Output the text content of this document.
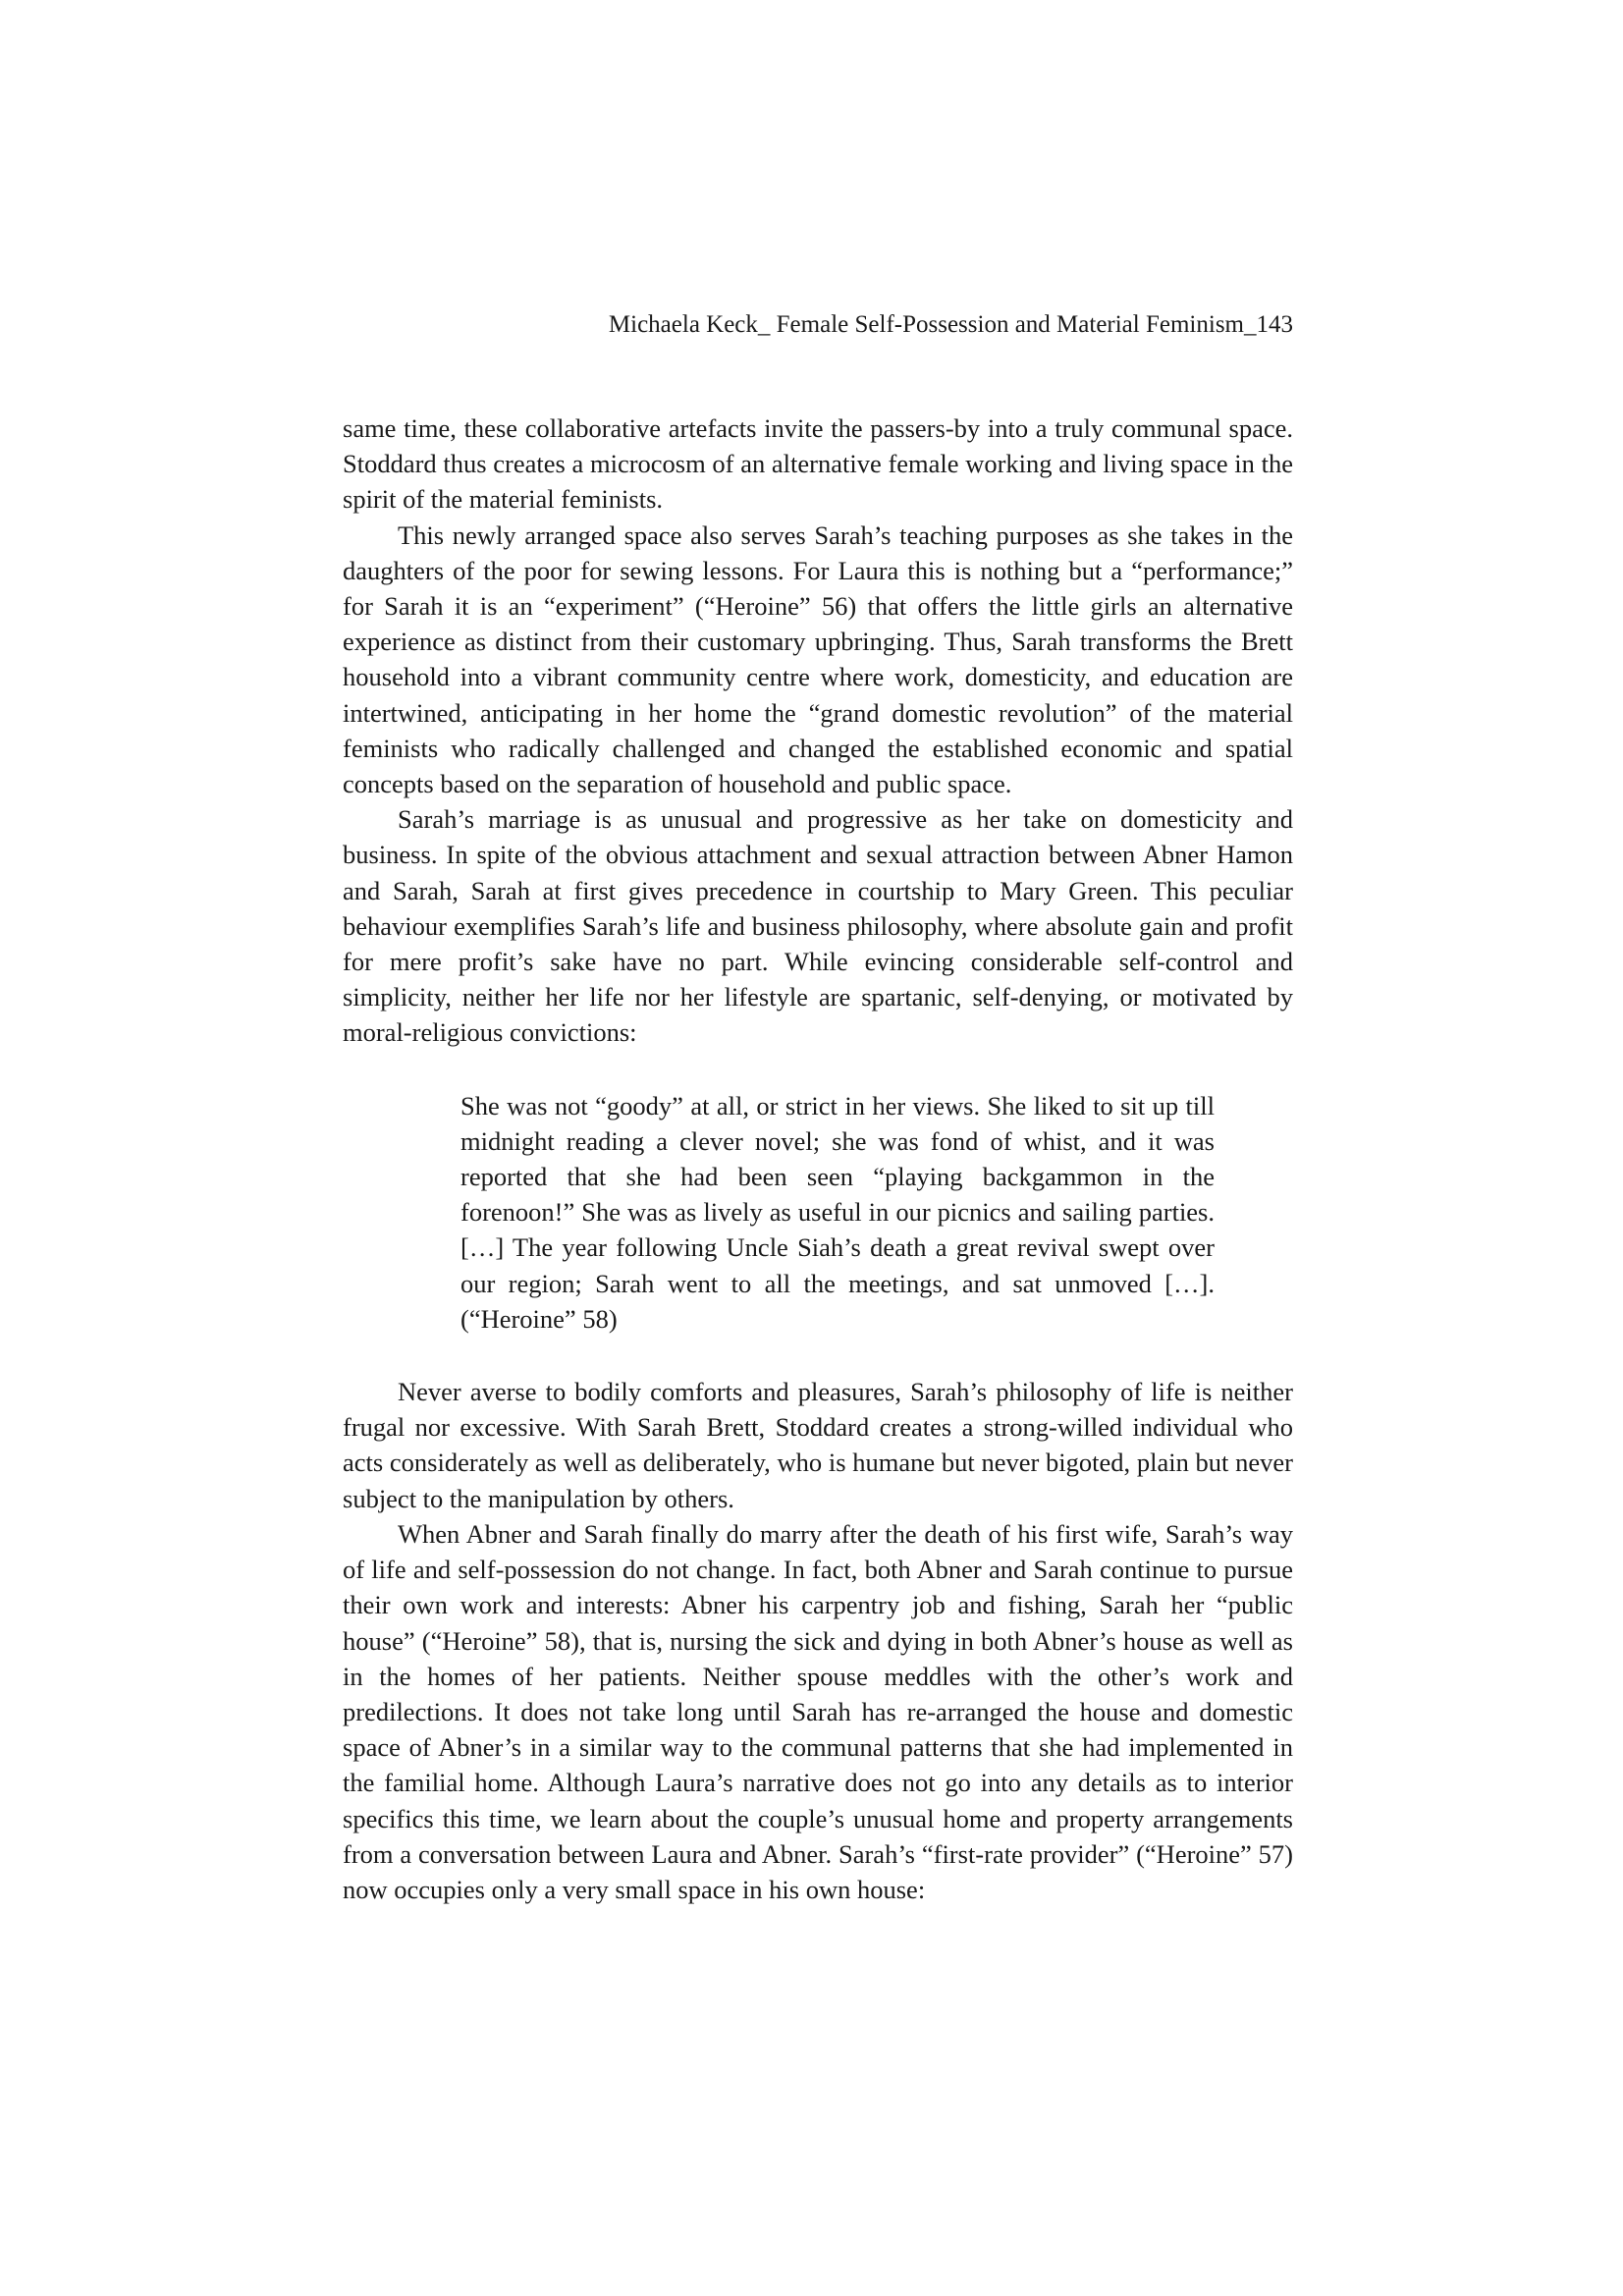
Michaela Keck_ Female Self-Possession and Material Feminism_143

same time, these collaborative artefacts invite the passers-by into a truly communal space. Stoddard thus creates a microcosm of an alternative female working and living space in the spirit of the material feminists.

This newly arranged space also serves Sarah’s teaching purposes as she takes in the daughters of the poor for sewing lessons. For Laura this is nothing but a “performance;” for Sarah it is an “experiment” (“Heroine” 56) that offers the little girls an alternative experience as distinct from their customary upbringing. Thus, Sarah transforms the Brett household into a vibrant community centre where work, domesticity, and education are intertwined, anticipating in her home the “grand domestic revolution” of the material feminists who radically challenged and changed the established economic and spatial concepts based on the separation of household and public space.

Sarah’s marriage is as unusual and progressive as her take on domesticity and business. In spite of the obvious attachment and sexual attraction between Abner Hamon and Sarah, Sarah at first gives precedence in courtship to Mary Green. This peculiar behaviour exemplifies Sarah’s life and business philosophy, where absolute gain and profit for mere profit’s sake have no part. While evincing considerable self-control and simplicity, neither her life nor her lifestyle are spartanic, self-denying, or motivated by moral-religious convictions:

She was not “goody” at all, or strict in her views. She liked to sit up till midnight reading a clever novel; she was fond of whist, and it was reported that she had been seen “playing backgammon in the forenoon!” She was as lively as useful in our picnics and sailing parties. […] The year following Uncle Siah’s death a great revival swept over our region; Sarah went to all the meetings, and sat unmoved […]. (“Heroine” 58)

Never averse to bodily comforts and pleasures, Sarah’s philosophy of life is neither frugal nor excessive. With Sarah Brett, Stoddard creates a strong-willed individual who acts considerately as well as deliberately, who is humane but never bigoted, plain but never subject to the manipulation by others.

When Abner and Sarah finally do marry after the death of his first wife, Sarah’s way of life and self-possession do not change. In fact, both Abner and Sarah continue to pursue their own work and interests: Abner his carpentry job and fishing, Sarah her “public house” (“Heroine” 58), that is, nursing the sick and dying in both Abner’s house as well as in the homes of her patients. Neither spouse meddles with the other’s work and predilections. It does not take long until Sarah has re-arranged the house and domestic space of Abner’s in a similar way to the communal patterns that she had implemented in the familial home. Although Laura’s narrative does not go into any details as to interior specifics this time, we learn about the couple’s unusual home and property arrangements from a conversation between Laura and Abner. Sarah’s “first-rate provider” (“Heroine” 57) now occupies only a very small space in his own house:
